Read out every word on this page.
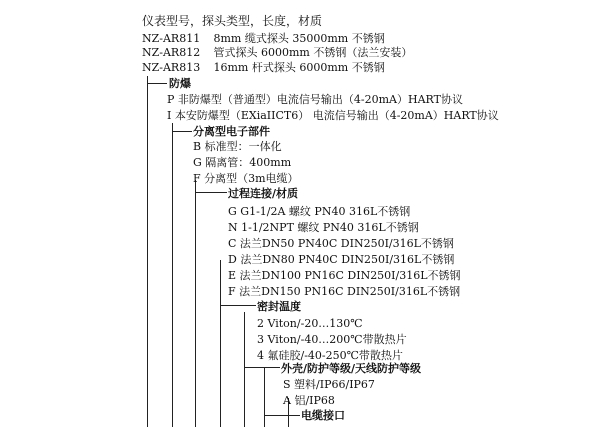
仪表型号，探头类型，长度，材质
NZ-AR811 8mm 缆式探头 35000mm 不锈钢
NZ-AR812 管式探头 6000mm 不锈钢（法兰安装）
NZ-AR813 16mm 杆式探头 6000mm 不锈钢
防爆
P 非防爆型（普通型）电流信号输出（4-20mA）HART协议
I 本安防爆型（EXiaIICT6） 电流信号输出（4-20mA）HART协议
分离型电子部件
B 标准型：一体化
G 隔离管：400mm
F 分离型（3m电缆）
过程连接/材质
G G1-1/2A 螺纹 PN40 316L不锈钢
N 1-1/2NPT 螺纹 PN40 316L不锈钢
C 法兰DN50 PN40C DIN250I/316L不锈钢
D 法兰DN80 PN40C DIN250I/316L不锈钢
E 法兰DN100 PN16C DIN250I/316L不锈钢
F 法兰DN150 PN16C DIN250I/316L不锈钢
密封温度
2 Viton/-20…130℃
3 Viton/-40…200℃带散热片
4 氟硅胶/-40-250℃带散热片
外壳/防护等级/天线防护等级
S 塑料/IP66/IP67
A 铝/IP68
电缆接口
